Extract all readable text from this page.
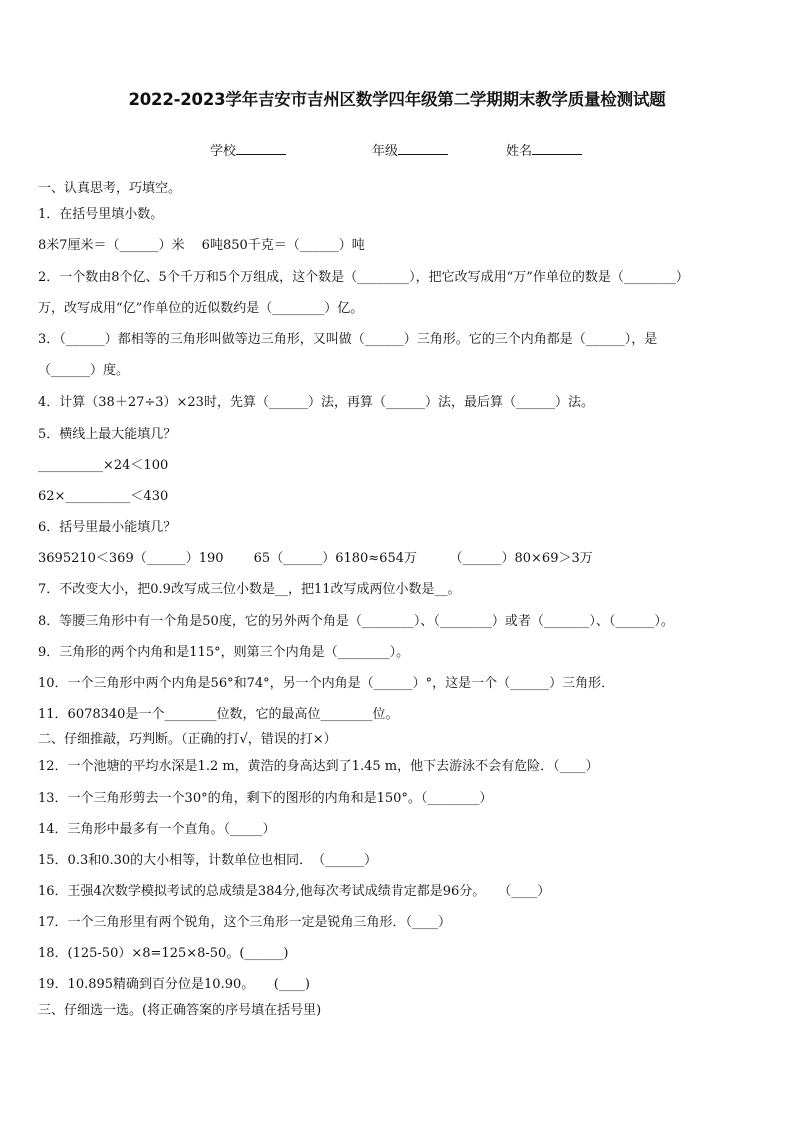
2022-2023学年吉安市吉州区数学四年级第二学期期末教学质量检测试题
学校	年级	姓名
一、认真思考，巧填空。
1．在括号里填小数。
8米7厘米＝（______）米　 6吨850千克＝（______）吨
2．一个数由8个亿、5个千万和5个万组成，这个数是（________），把它改写成用“万”作单位的数是（________）
万，改写成用“亿”作单位的近似数约是（________）亿。
3．（______）都相等的三角形叫做等边三角形，又叫做（______）三角形。它的三个内角都是（______），是
（______）度。
4．计算（38＋27÷3）×23时，先算（______）法，再算（______）法，最后算（______）法。
5．横线上最大能填几？
__________×24＜100
62×__________＜430
6．括号里最小能填几？
3695210＜369（______）190　　 65（______）6180≈654万　　　（______）80×69＞3万
7．不改变大小，把0.9改写成三位小数是__，把11改写成两位小数是__。
8．等腰三角形中有一个角是50度，它的另外两个角是（________）、（________）或者（_______）、（______）。
9．三角形的两个内角和是115°，则第三个内角是（________）。
10．一个三角形中两个内角是56°和74°，另一个内角是（______）°，这是一个（______）三角形．
11．6078340是一个________位数，它的最高位________位。
二、仔细推敲，巧判断。（正确的打√，错误的打×）
12．一个池塘的平均水深是1.2 m，黄浩的身高达到了1.45 m，他下去游泳不会有危险．（____）
13．一个三角形剪去一个30°的角，剩下的图形的内角和是150°。（________）
14．三角形中最多有一个直角。（_____）
15．0.3和0.30的大小相等，计数单位也相同．　（______）
16．王强4次数学模拟考试的总成绩是384分,他每次考试成绩肯定都是96分。　　（____）
17．一个三角形里有两个锐角，这个三角形一定是锐角三角形．（____）
18．(125-50）×8=125×8-50。(______)
19．10.895精确到百分位是10.90。　　(____)
三、仔细选一选。(将正确答案的序号填在括号里)
